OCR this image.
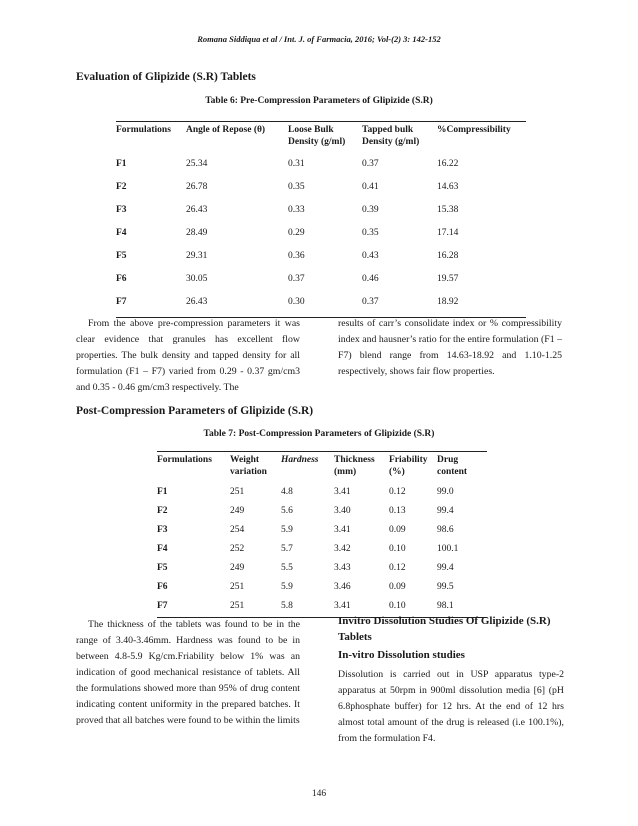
Romana Siddiqua et al / Int. J. of Farmacia, 2016; Vol-(2) 3: 142-152
Evaluation of Glipizide (S.R) Tablets
Table 6: Pre-Compression Parameters of Glipizide (S.R)
Formulations	Angle of Repose (θ)	Loose Bulk Density (g/ml)	Tapped bulk Density (g/ml)	%Compressibility
F1	25.34	0.31	0.37	16.22
F2	26.78	0.35	0.41	14.63
F3	26.43	0.33	0.39	15.38
F4	28.49	0.29	0.35	17.14
F5	29.31	0.36	0.43	16.28
F6	30.05	0.37	0.46	19.57
F7	26.43	0.30	0.37	18.92
From the above pre-compression parameters it was clear evidence that granules has excellent flow properties. The bulk density and tapped density for all formulation (F1 – F7) varied from 0.29 - 0.37 gm/cm3 and 0.35 - 0.46 gm/cm3 respectively. The
results of carr’s consolidate index or % compressibility index and hausner’s ratio for the entire formulation (F1 – F7) blend range from 14.63-18.92 and 1.10-1.25 respectively, shows fair flow properties.
Post-Compression Parameters of Glipizide (S.R)
Table 7: Post-Compression Parameters of Glipizide (S.R)
Formulations	Weight variation	Hardness	Thickness (mm)	Friability (%)	Drug content
F1	251	4.8	3.41	0.12	99.0
F2	249	5.6	3.40	0.13	99.4
F3	254	5.9	3.41	0.09	98.6
F4	252	5.7	3.42	0.10	100.1
F5	249	5.5	3.43	0.12	99.4
F6	251	5.9	3.46	0.09	99.5
F7	251	5.8	3.41	0.10	98.1
The thickness of the tablets was found to be in the range of 3.40-3.46mm. Hardness was found to be in between 4.8-5.9 Kg/cm.Friability below 1% was an indication of good mechanical resistance of tablets. All the formulations showed more than 95% of drug content indicating content uniformity in the prepared batches. It proved that all batches were found to be within the limits
Invitro Dissolution Studies Of Glipizide (S.R) Tablets
In-vitro Dissolution studies
Dissolution is carried out in USP apparatus type-2 apparatus at 50rpm in 900ml dissolution media [6] (pH 6.8phosphate buffer) for 12 hrs. At the end of 12 hrs almost total amount of the drug is released (i.e 100.1%), from the formulation F4.
146
